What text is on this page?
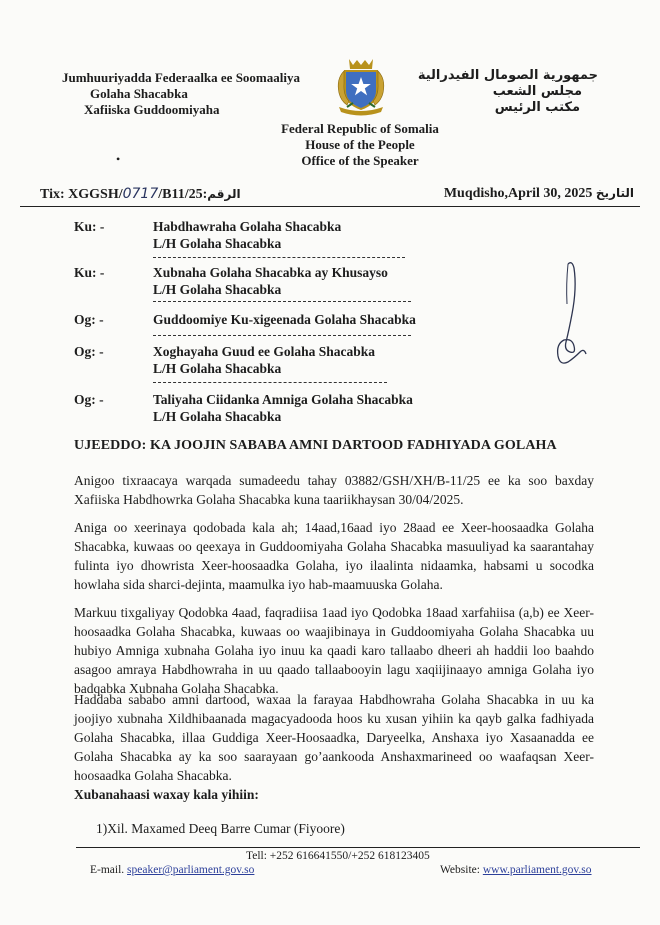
Jumhuuriyadda Federaalka ee Soomaaliya
Golaha Shacabka
Xafiiska Guddoomiyaha
جمهورية الصومال الفيدرالية
مجلس الشعب
مكتب الرئيس
Federal Republic of Somalia
House of the People
Office of the Speaker
•
Tix: XGGSH/0717/B11/25:الرقم	Muqdisho,April 30, 2025 التاريخ
Ku: -	Habdhawraha Golaha Shacabka
L/H Golaha Shacabka
Ku: -	Xubnaha Golaha Shacabka ay Khusayso
L/H Golaha Shacabka
Og: -	Guddoomiye Ku-xigeenada Golaha Shacabka
Og: -	Xoghayaha Guud ee Golaha Shacabka
L/H Golaha Shacabka
Og: -	Taliyaha Ciidanka Amniga Golaha Shacabka
L/H Golaha Shacabka
UJEEDDO: KA JOOJIN SABABA AMNI DARTOOD FADHIYADA GOLAHA

Anigoo tixraacaya warqada sumadeedu tahay 03882/GSH/XH/B-11/25 ee ka soo baxday Xafiiska Habdhowrka Golaha Shacabka kuna taariikhaysan 30/04/2025.

Aniga oo xeerinaya qodobada kala ah; 14aad,16aad iyo 28aad ee Xeer-hoosaadka Golaha Shacabka, kuwaas oo qeexaya in Guddoomiyaha Golaha Shacabka masuuliyad ka saarantahay fulinta iyo dhowrista Xeer-hoosaadka Golaha, iyo ilaalinta nidaamka, habsami u socodka howlaha sida sharci-dejinta, maamulka iyo hab-maamuuska Golaha.

Markuu tixgaliyay Qodobka 4aad, faqradiisa 1aad iyo Qodobka 18aad xarfahiisa (a,b) ee Xeer-hoosaadka Golaha Shacabka, kuwaas oo waajibinaya in Guddoomiyaha Golaha Shacabka uu hubiyo Amniga xubnaha Golaha iyo inuu ka qaadi karo tallaabo dheeri ah haddii loo baahdo asagoo amraya Habdhowraha in uu qaado tallaabooyin lagu xaqiijinaayo amniga Golaha iyo badqabka Xubnaha Golaha Shacabka.

Haddaba sababo amni dartood, waxaa la farayaa Habdhowraha Golaha Shacabka in uu ka joojiyo xubnaha Xildhibaanada magacyadooda hoos ku xusan yihiin ka qayb galka fadhiyada Golaha Shacabka, illaa Guddiga Xeer-Hoosaadka, Daryeelka, Anshaxa iyo Xasaanadda ee Golaha Shacabka ay ka soo saarayaan go’aankooda Anshaxmarineed oo waafaqsan Xeer-hoosaadka Golaha Shacabka.

Xubanahaasi waxay kala yihiin:
1)Xil. Maxamed Deeq Barre Cumar (Fiyoore)
Tell: +252 616641550/+252 618123405
E-mail. speaker@parliament.gov.so	Website: www.parliament.gov.so
